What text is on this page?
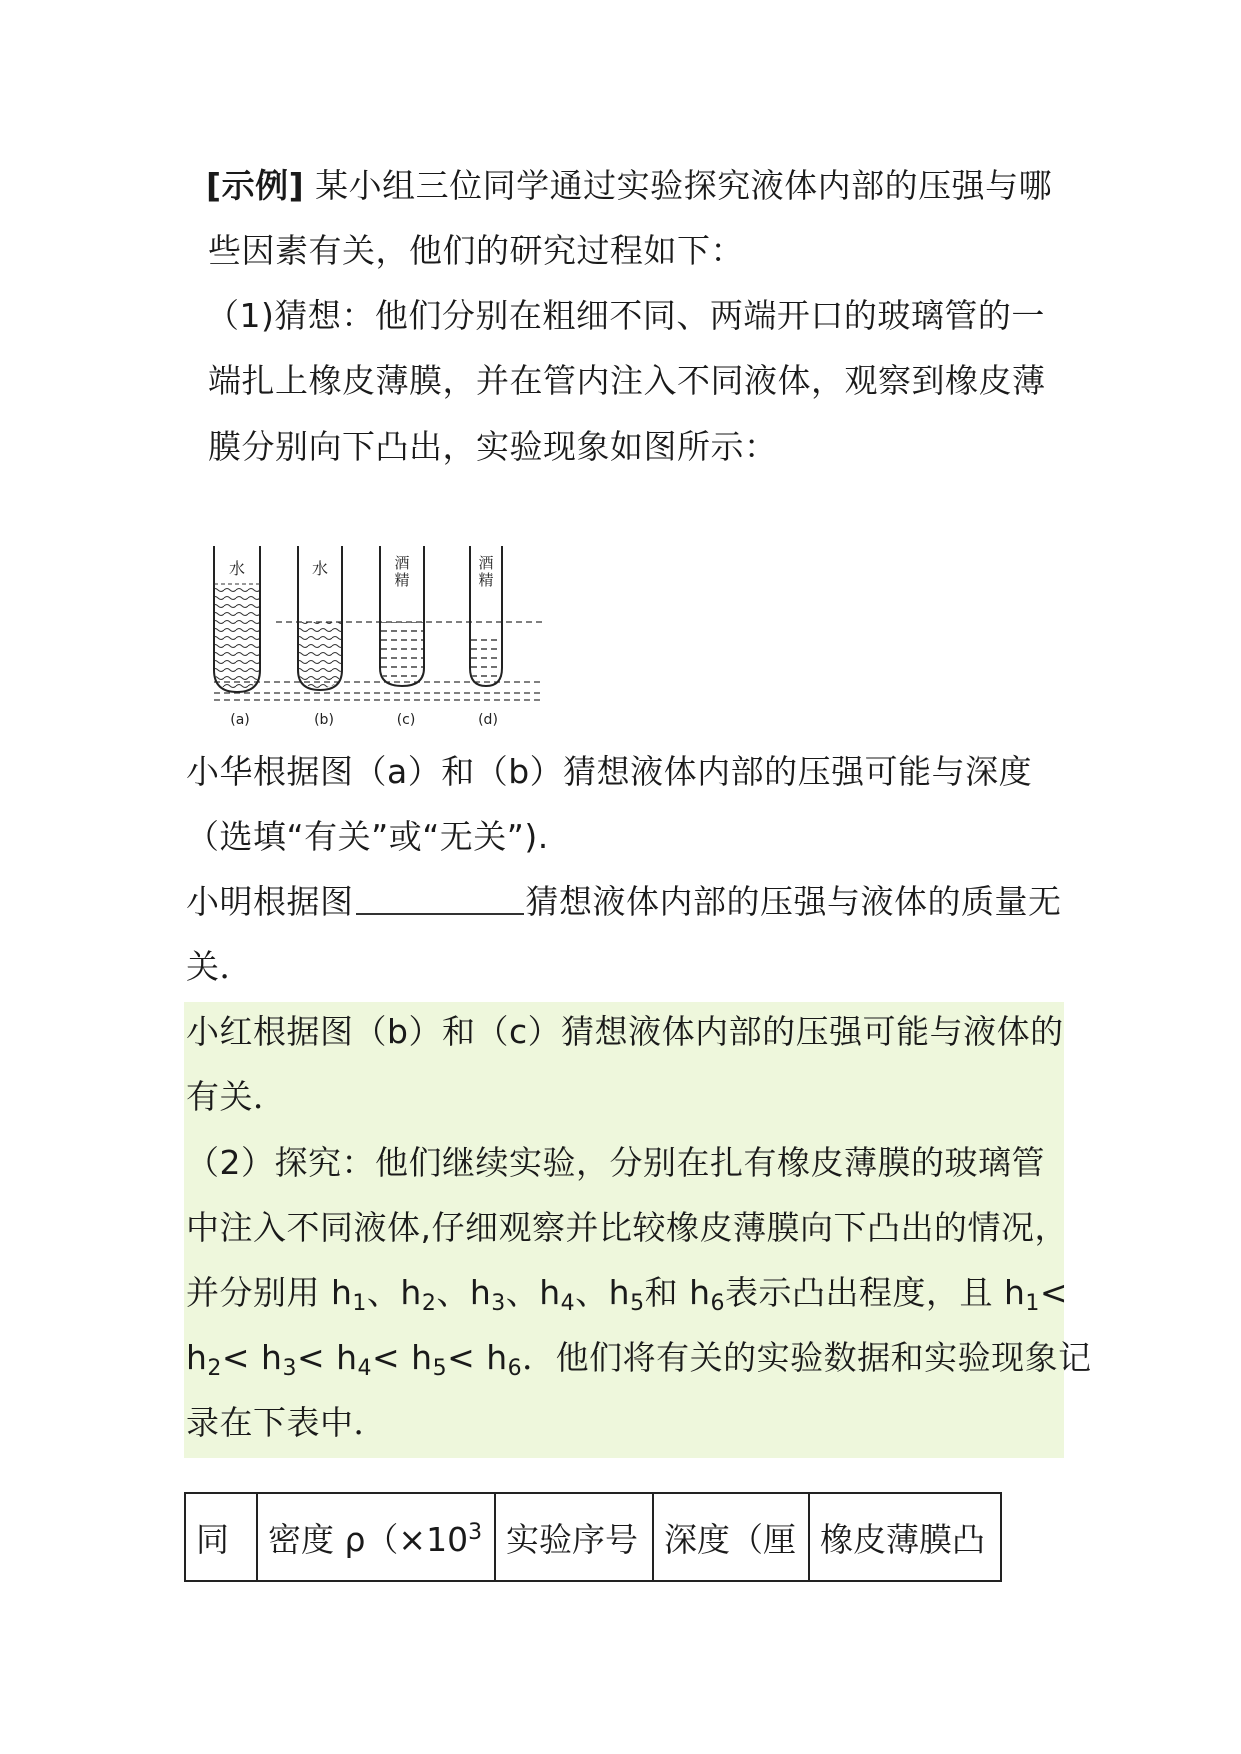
[示例] 某小组三位同学通过实验探究液体内部的压强与哪
些因素有关，他们的研究过程如下：
（1)猜想：他们分别在粗细不同、两端开口的玻璃管的一
端扎上橡皮薄膜，并在管内注入不同液体，观察到橡皮薄
膜分别向下凸出，实验现象如图所示：
水
(a)
水
(b)
酒精
(c)
酒精
(d)
小华根据图（a）和（b）猜想液体内部的压强可能与深度
（选填“有关”或“无关”).
小明根据图	猜想液体内部的压强与液体的质量无
关．
小红根据图（b）和（c）猜想液体内部的压强可能与液体的
有关．
（2）探究：他们继续实验，分别在扎有橡皮薄膜的玻璃管
中注入不同液体,仔细观察并比较橡皮薄膜向下凸出的情况，
并分别用 $h_1$、$h_2$、$h_3$、$h_4$、$h_5$和 $h_6$表示凸出程度，且 $h_1<$
$h_2< h_3< h_4< h_5< h_6$．他们将有关的实验数据和实验现象记
录在下表中．
同	密度 $\rho(\times 10^3$	实验序号	深度（厘	橡皮薄膜凸
